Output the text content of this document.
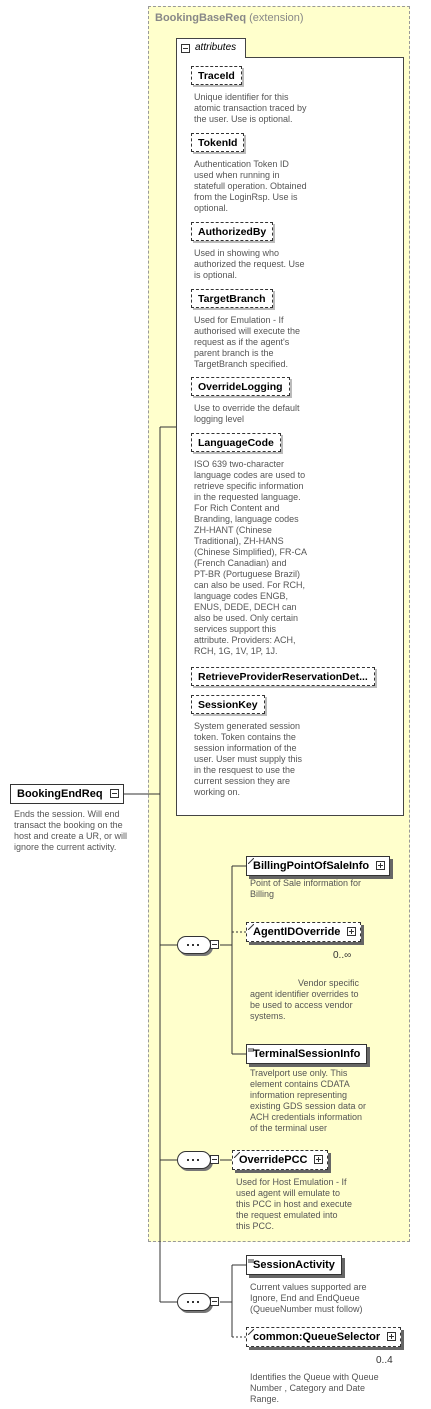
BookingBaseReq (extension)
attributes
TraceId
Unique identifier for this
atomic transaction traced by
the user. Use is optional.
TokenId
Authentication Token ID
used when running in
statefull operation. Obtained
from the LoginRsp. Use is
optional.
AuthorizedBy
Used in showing who
authorized the request. Use
is optional.
TargetBranch
Used for Emulation - If
authorised will execute the
request as if the agent's
parent branch is the
TargetBranch specified.
OverrideLogging
Use to override the default
logging level
LanguageCode
ISO 639 two-character
language codes are used to
retrieve specific information
in the requested language.
For Rich Content and
Branding, language codes
ZH-HANT (Chinese
Traditional), ZH-HANS
(Chinese Simplified), FR-CA
(French Canadian) and
PT-BR (Portuguese Brazil)
can also be used. For RCH,
language codes ENGB,
ENUS, DEDE, DECH can
also be used. Only certain
services support this
attribute. Providers: ACH,
RCH, 1G, 1V, 1P, 1J.
RetrieveProviderReservationDet...
SessionKey
System generated session
token. Token contains the
session information of the
user. User must supply this
in the resquest to use the
current session they are
working on.
BookingEndReq
Ends the session. Will end
transact the booking on the
host and create a UR, or will
ignore the current activity.
BillingPointOfSaleInfo
Point of Sale information for
Billing
AgentIDOverride
0..∞
Vendor specific
agent identifier overrides to
be used to access vendor
systems.
TerminalSessionInfo
Travelport use only. This
element contains CDATA
information representing
existing GDS session data or
ACH credentials information
of the terminal user
OverridePCC
Used for Host Emulation - If
used agent will emulate to
this PCC in host and execute
the request emulated into
this PCC.
SessionActivity
Current values supported are
Ignore, End and EndQueue
(QueueNumber must follow)
common:QueueSelector
0..4
Identifies the Queue with Queue
Number , Category and Date
Range.
